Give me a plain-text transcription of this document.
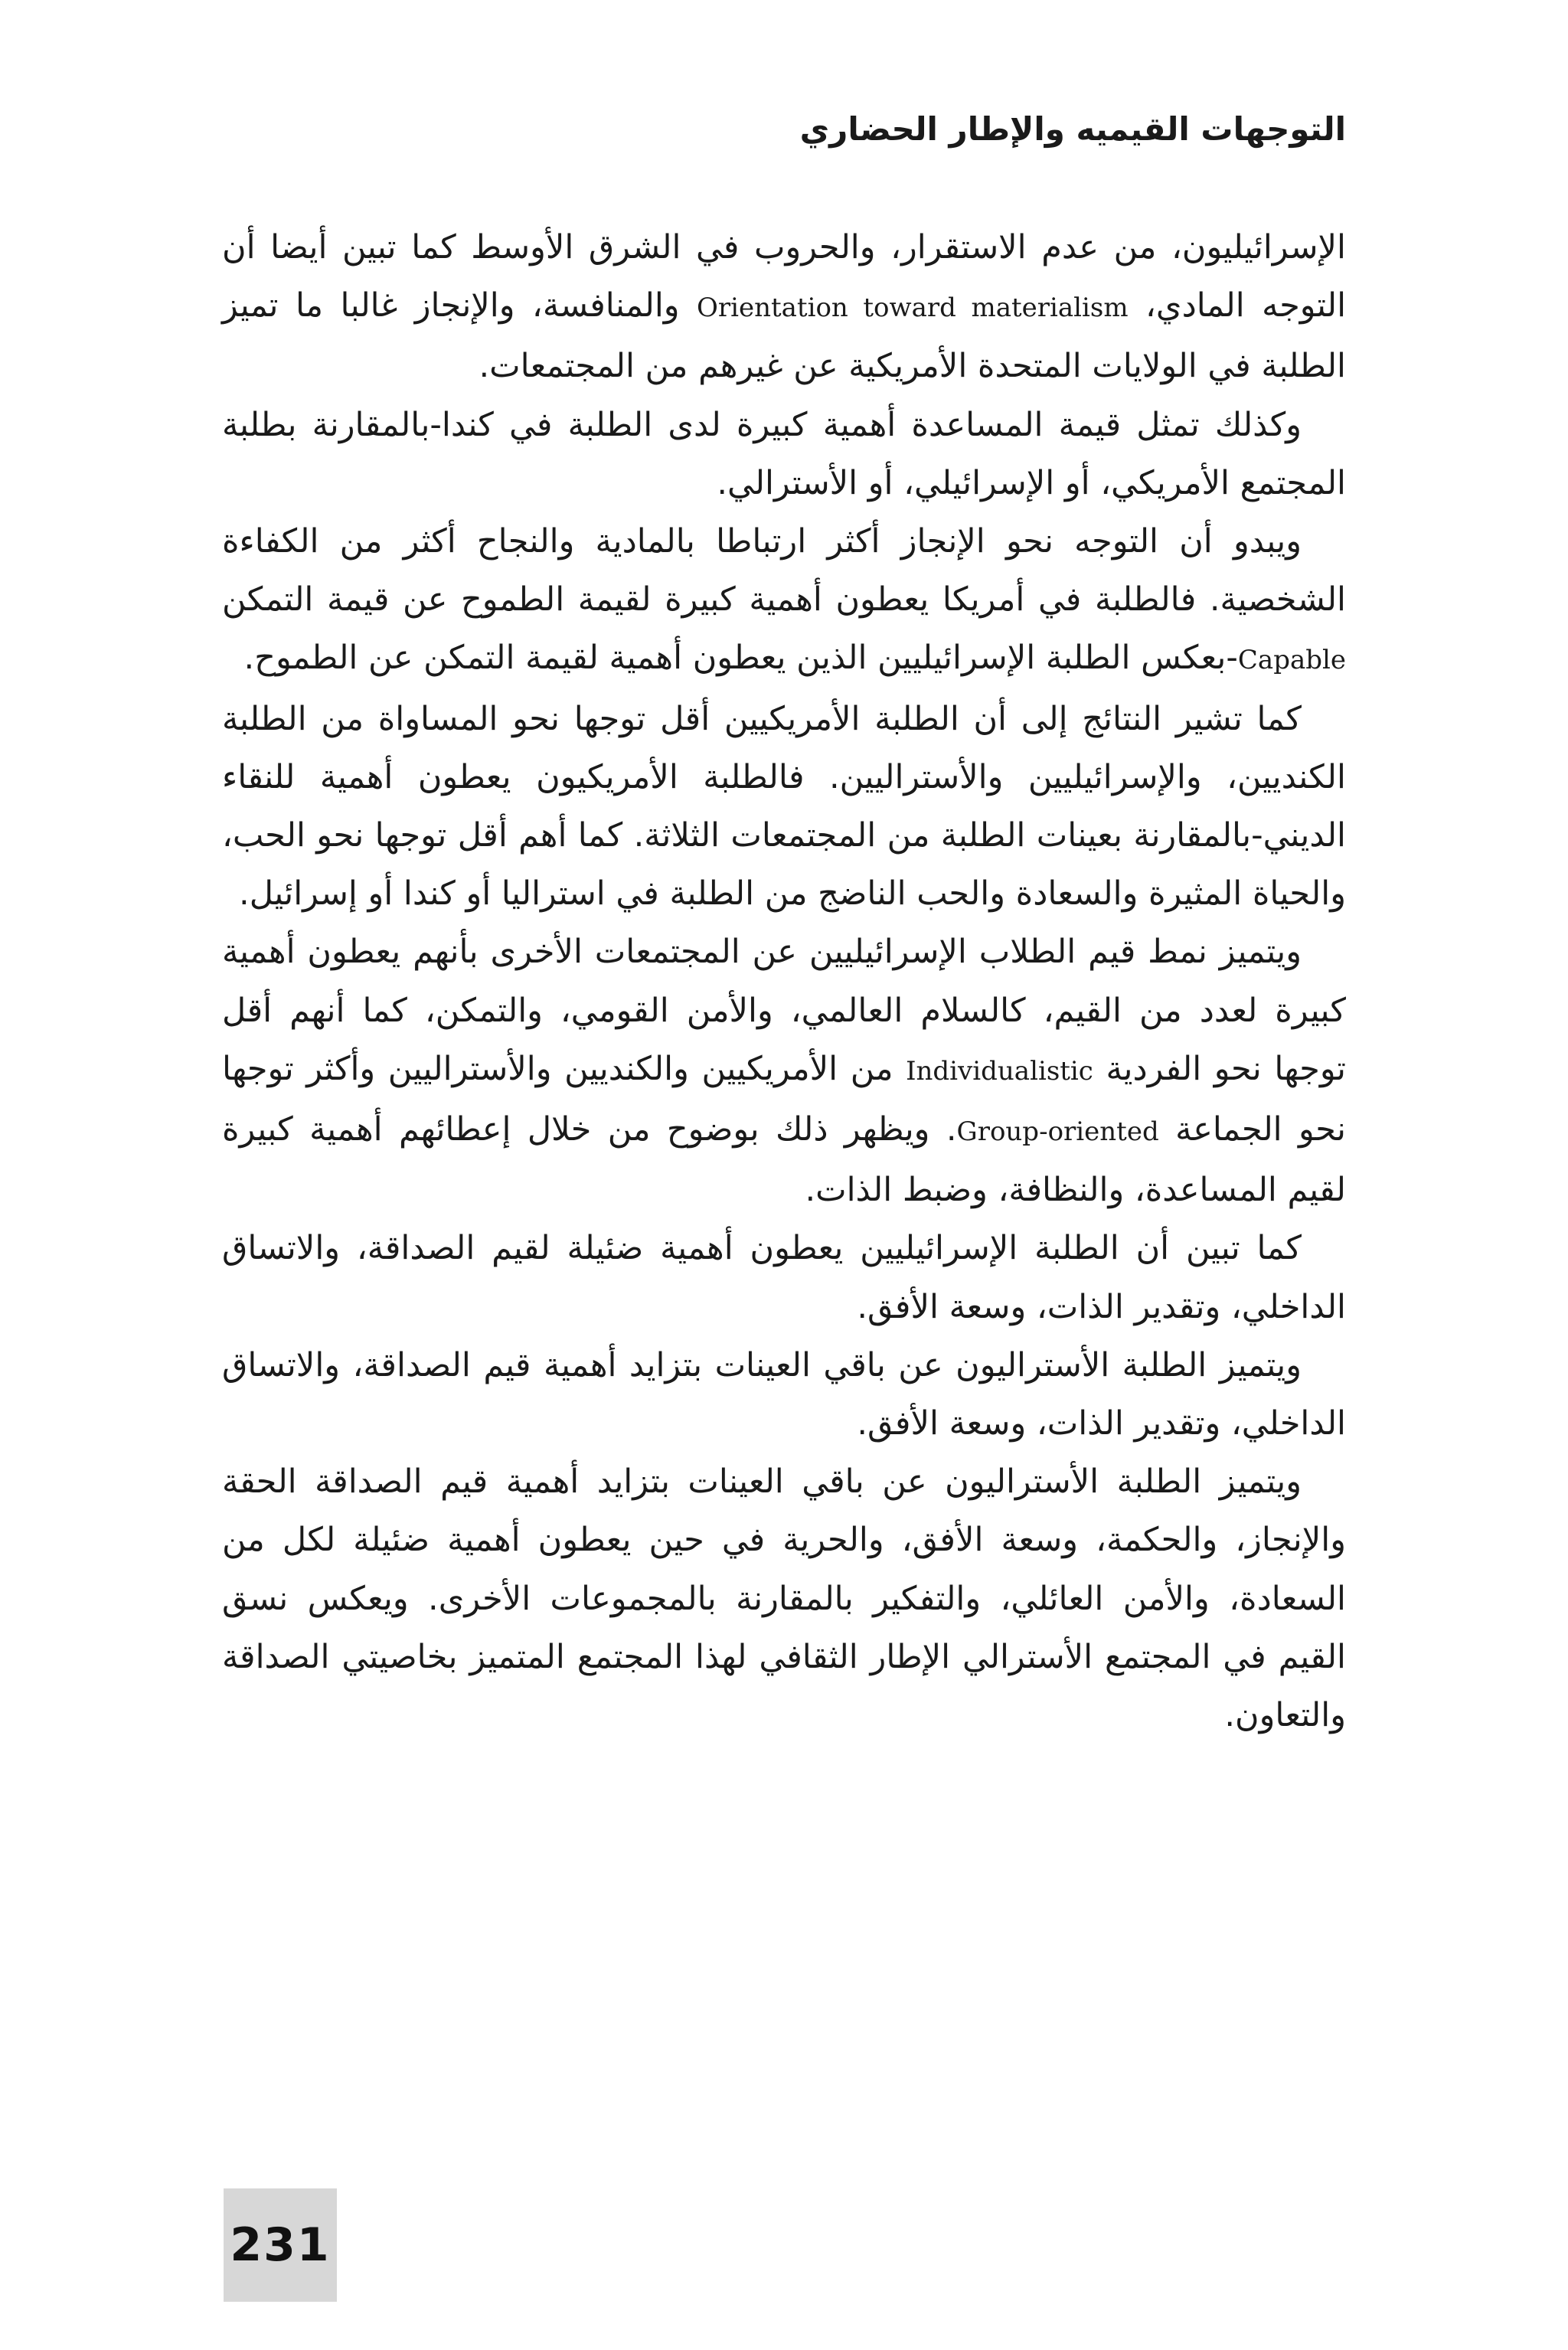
التوجهات القيميه والإطار الحضاري

الإسرائيليون، من عدم الاستقرار، والحروب في الشرق الأوسط كما تبين أيضا أن التوجه المادي، Orientation toward materialism والمنافسة، والإنجاز غالبا ما تميز الطلبة في الولايات المتحدة الأمريكية عن غيرهم من المجتمعات.

وكذلك تمثل قيمة المساعدة أهمية كبيرة لدى الطلبة في كندا-بالمقارنة بطلبة المجتمع الأمريكي، أو الإسرائيلي، أو الأسترالي.

ويبدو أن التوجه نحو الإنجاز أكثر ارتباطا بالمادية والنجاح أكثر من الكفاءة الشخصية. فالطلبة في أمريكا يعطون أهمية كبيرة لقيمة الطموح عن قيمة التمكن Capable-بعكس الطلبة الإسرائيليين الذين يعطون أهمية لقيمة التمكن عن الطموح.

كما تشير النتائج إلى أن الطلبة الأمريكيين أقل توجها نحو المساواة من الطلبة الكنديين، والإسرائيليين والأستراليين. فالطلبة الأمريكيون يعطون أهمية للنقاء الديني-بالمقارنة بعينات الطلبة من المجتمعات الثلاثة. كما أهم أقل توجها نحو الحب، والحياة المثيرة والسعادة والحب الناضج من الطلبة في استراليا أو كندا أو إسرائيل.

ويتميز نمط قيم الطلاب الإسرائيليين عن المجتمعات الأخرى بأنهم يعطون أهمية كبيرة لعدد من القيم، كالسلام العالمي، والأمن القومي، والتمكن، كما أنهم أقل توجها نحو الفردية Individualistic من الأمريكيين والكنديين والأستراليين وأكثر توجها نحو الجماعة Group-oriented. ويظهر ذلك بوضوح من خلال إعطائهم أهمية كبيرة لقيم المساعدة، والنظافة، وضبط الذات.

كما تبين أن الطلبة الإسرائيليين يعطون أهمية ضئيلة لقيم الصداقة، والاتساق الداخلي، وتقدير الذات، وسعة الأفق.

ويتميز الطلبة الأستراليون عن باقي العينات بتزايد أهمية قيم الصداقة، والاتساق الداخلي، وتقدير الذات، وسعة الأفق.

ويتميز الطلبة الأستراليون عن باقي العينات بتزايد أهمية قيم الصداقة الحقة والإنجاز، والحكمة، وسعة الأفق، والحرية في حين يعطون أهمية ضئيلة لكل من السعادة، والأمن العائلي، والتفكير بالمقارنة بالمجموعات الأخرى. ويعكس نسق القيم في المجتمع الأسترالي الإطار الثقافي لهذا المجتمع المتميز بخاصيتي الصداقة والتعاون.

231
